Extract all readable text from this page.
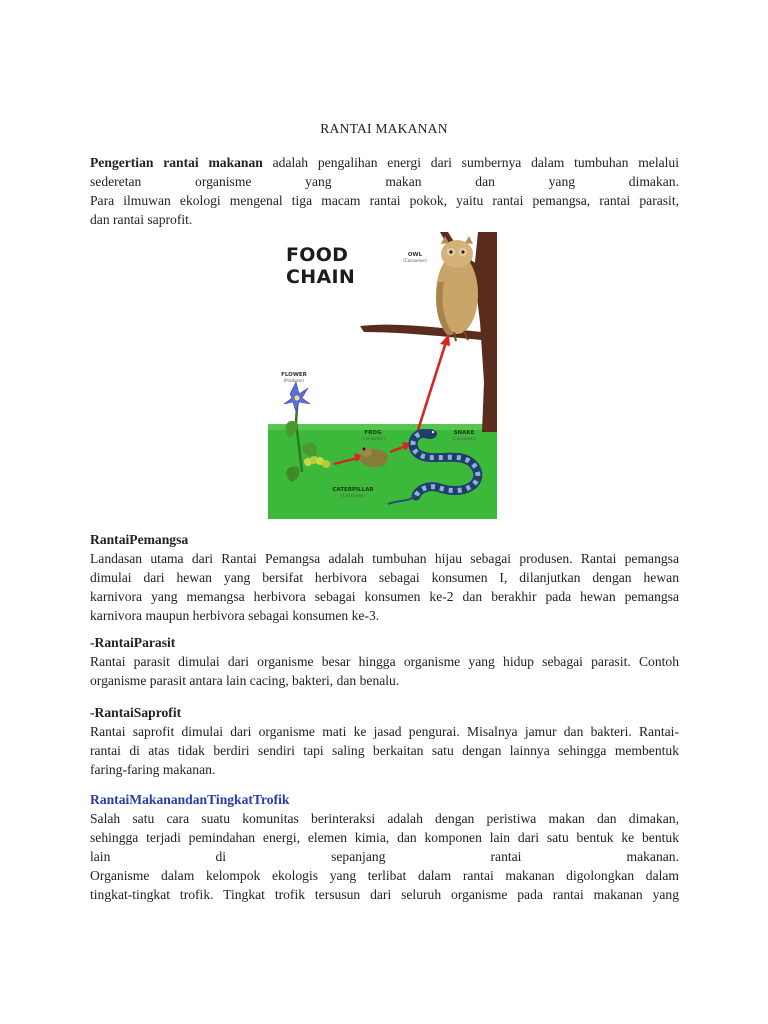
RANTAI MAKANAN
Pengertian rantai makanan adalah pengalihan energi dari sumbernya dalam tumbuhan melalui
sederetan organisme yang makan dan yang dimakan.
Para ilmuwan ekologi mengenal tiga macam rantai pokok, yaitu rantai pemangsa, rantai parasit,
dan rantai saprofit.
FOOD
CHAIN
OWL
(Consumer)
FLOWER
(Producer)
FROG
(Consumer)
SNAKE
(Consumer)
CATERPILLAR
(Consumer)
RantaiPemangsa
Landasan utama dari Rantai Pemangsa adalah tumbuhan hijau sebagai produsen. Rantai pemangsa
dimulai dari hewan yang bersifat herbivora sebagai konsumen I, dilanjutkan dengan hewan
karnivora yang memangsa herbivora sebagai konsumen ke-2 dan berakhir pada hewan pemangsa
karnivora maupun herbivora sebagai konsumen ke-3.
-RantaiParasit
Rantai parasit dimulai dari organisme besar hingga organisme yang hidup sebagai parasit. Contoh
organisme parasit antara lain cacing, bakteri, dan benalu.
-RantaiSaprofit
Rantai saprofit dimulai dari organisme mati ke jasad pengurai. Misalnya jamur dan bakteri. Rantai-
rantai di atas tidak berdiri sendiri tapi saling berkaitan satu dengan lainnya sehingga membentuk
faring-faring makanan.
RantaiMakanandanTingkatTrofik
Salah satu cara suatu komunitas berinteraksi adalah dengan peristiwa makan dan dimakan,
sehingga terjadi pemindahan energi, elemen kimia, dan komponen lain dari satu bentuk ke bentuk
lain di sepanjang rantai makanan.
Organisme dalam kelompok ekologis yang terlibat dalam rantai makanan digolongkan dalam
tingkat-tingkat trofik. Tingkat trofik tersusun dari seluruh organisme pada rantai makanan yang
